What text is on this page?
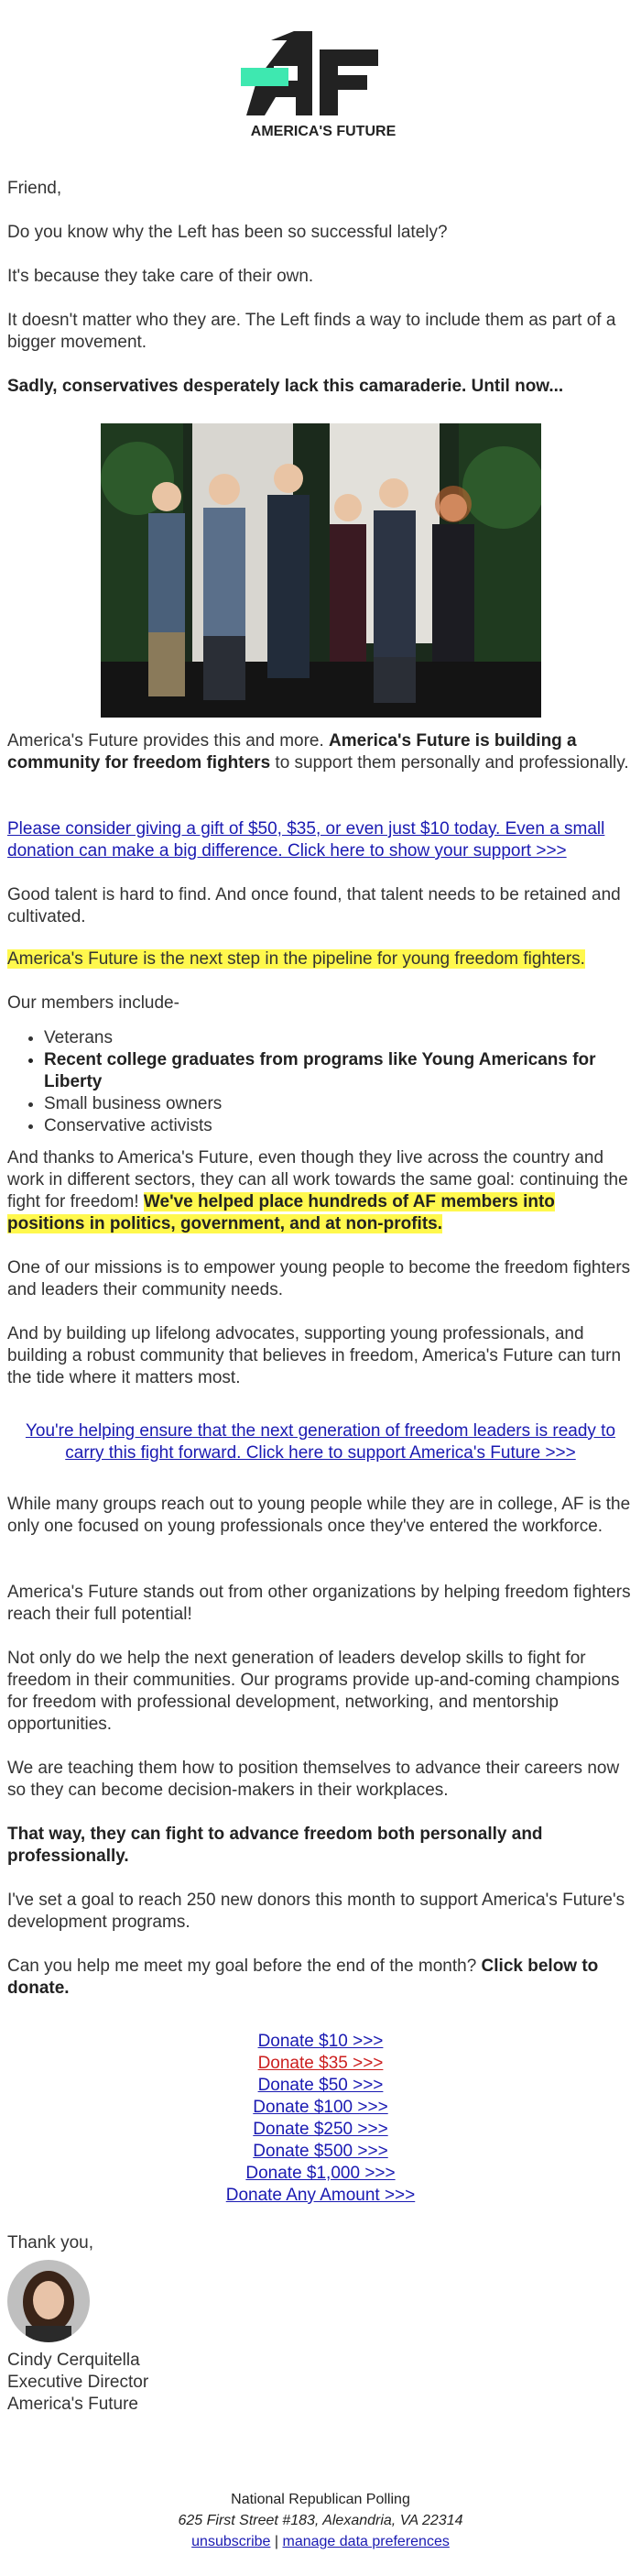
AMERICA'S FUTURE

Friend,

Do you know why the Left has been so successful lately?

It's because they take care of their own.

It doesn't matter who they are. The Left finds a way to include them as part of a bigger movement.

Sadly, conservatives desperately lack this camaraderie. Until now...

America's Future provides this and more. America's Future is building a community for freedom fighters to support them personally and professionally.

Please consider giving a gift of $50, $35, or even just $10 today. Even a small donation can make a big difference. Click here to show your support >>>

Good talent is hard to find. And once found, that talent needs to be retained and cultivated.

America's Future is the next step in the pipeline for young freedom fighters.

Our members include-

• Veterans
• Recent college graduates from programs like Young Americans for Liberty
• Small business owners
• Conservative activists

And thanks to America's Future, even though they live across the country and work in different sectors, they can all work towards the same goal: continuing the fight for freedom! We've helped place hundreds of AF members into positions in politics, government, and at non-profits.

One of our missions is to empower young people to become the freedom fighters and leaders their community needs.

And by building up lifelong advocates, supporting young professionals, and building a robust community that believes in freedom, America's Future can turn the tide where it matters most.

You're helping ensure that the next generation of freedom leaders is ready to carry this fight forward. Click here to support America's Future >>>

While many groups reach out to young people while they are in college, AF is the only one focused on young professionals once they've entered the workforce.

America's Future stands out from other organizations by helping freedom fighters reach their full potential!

Not only do we help the next generation of leaders develop skills to fight for freedom in their communities. Our programs provide up-and-coming champions for freedom with professional development, networking, and mentorship opportunities.

We are teaching them how to position themselves to advance their careers now so they can become decision-makers in their workplaces.

That way, they can fight to advance freedom both personally and professionally.

I've set a goal to reach 250 new donors this month to support America's Future's development programs.

Can you help me meet my goal before the end of the month? Click below to donate.

Donate $10 >>>
Donate $35 >>>
Donate $50 >>>
Donate $100 >>>
Donate $250 >>>
Donate $500 >>>
Donate $1,000 >>>
Donate Any Amount >>>

Thank you,

Cindy Cerquitella

Executive Director

America's Future

National Republican Polling
625 First Street #183, Alexandria, VA 22314
unsubscribe | manage data preferences
